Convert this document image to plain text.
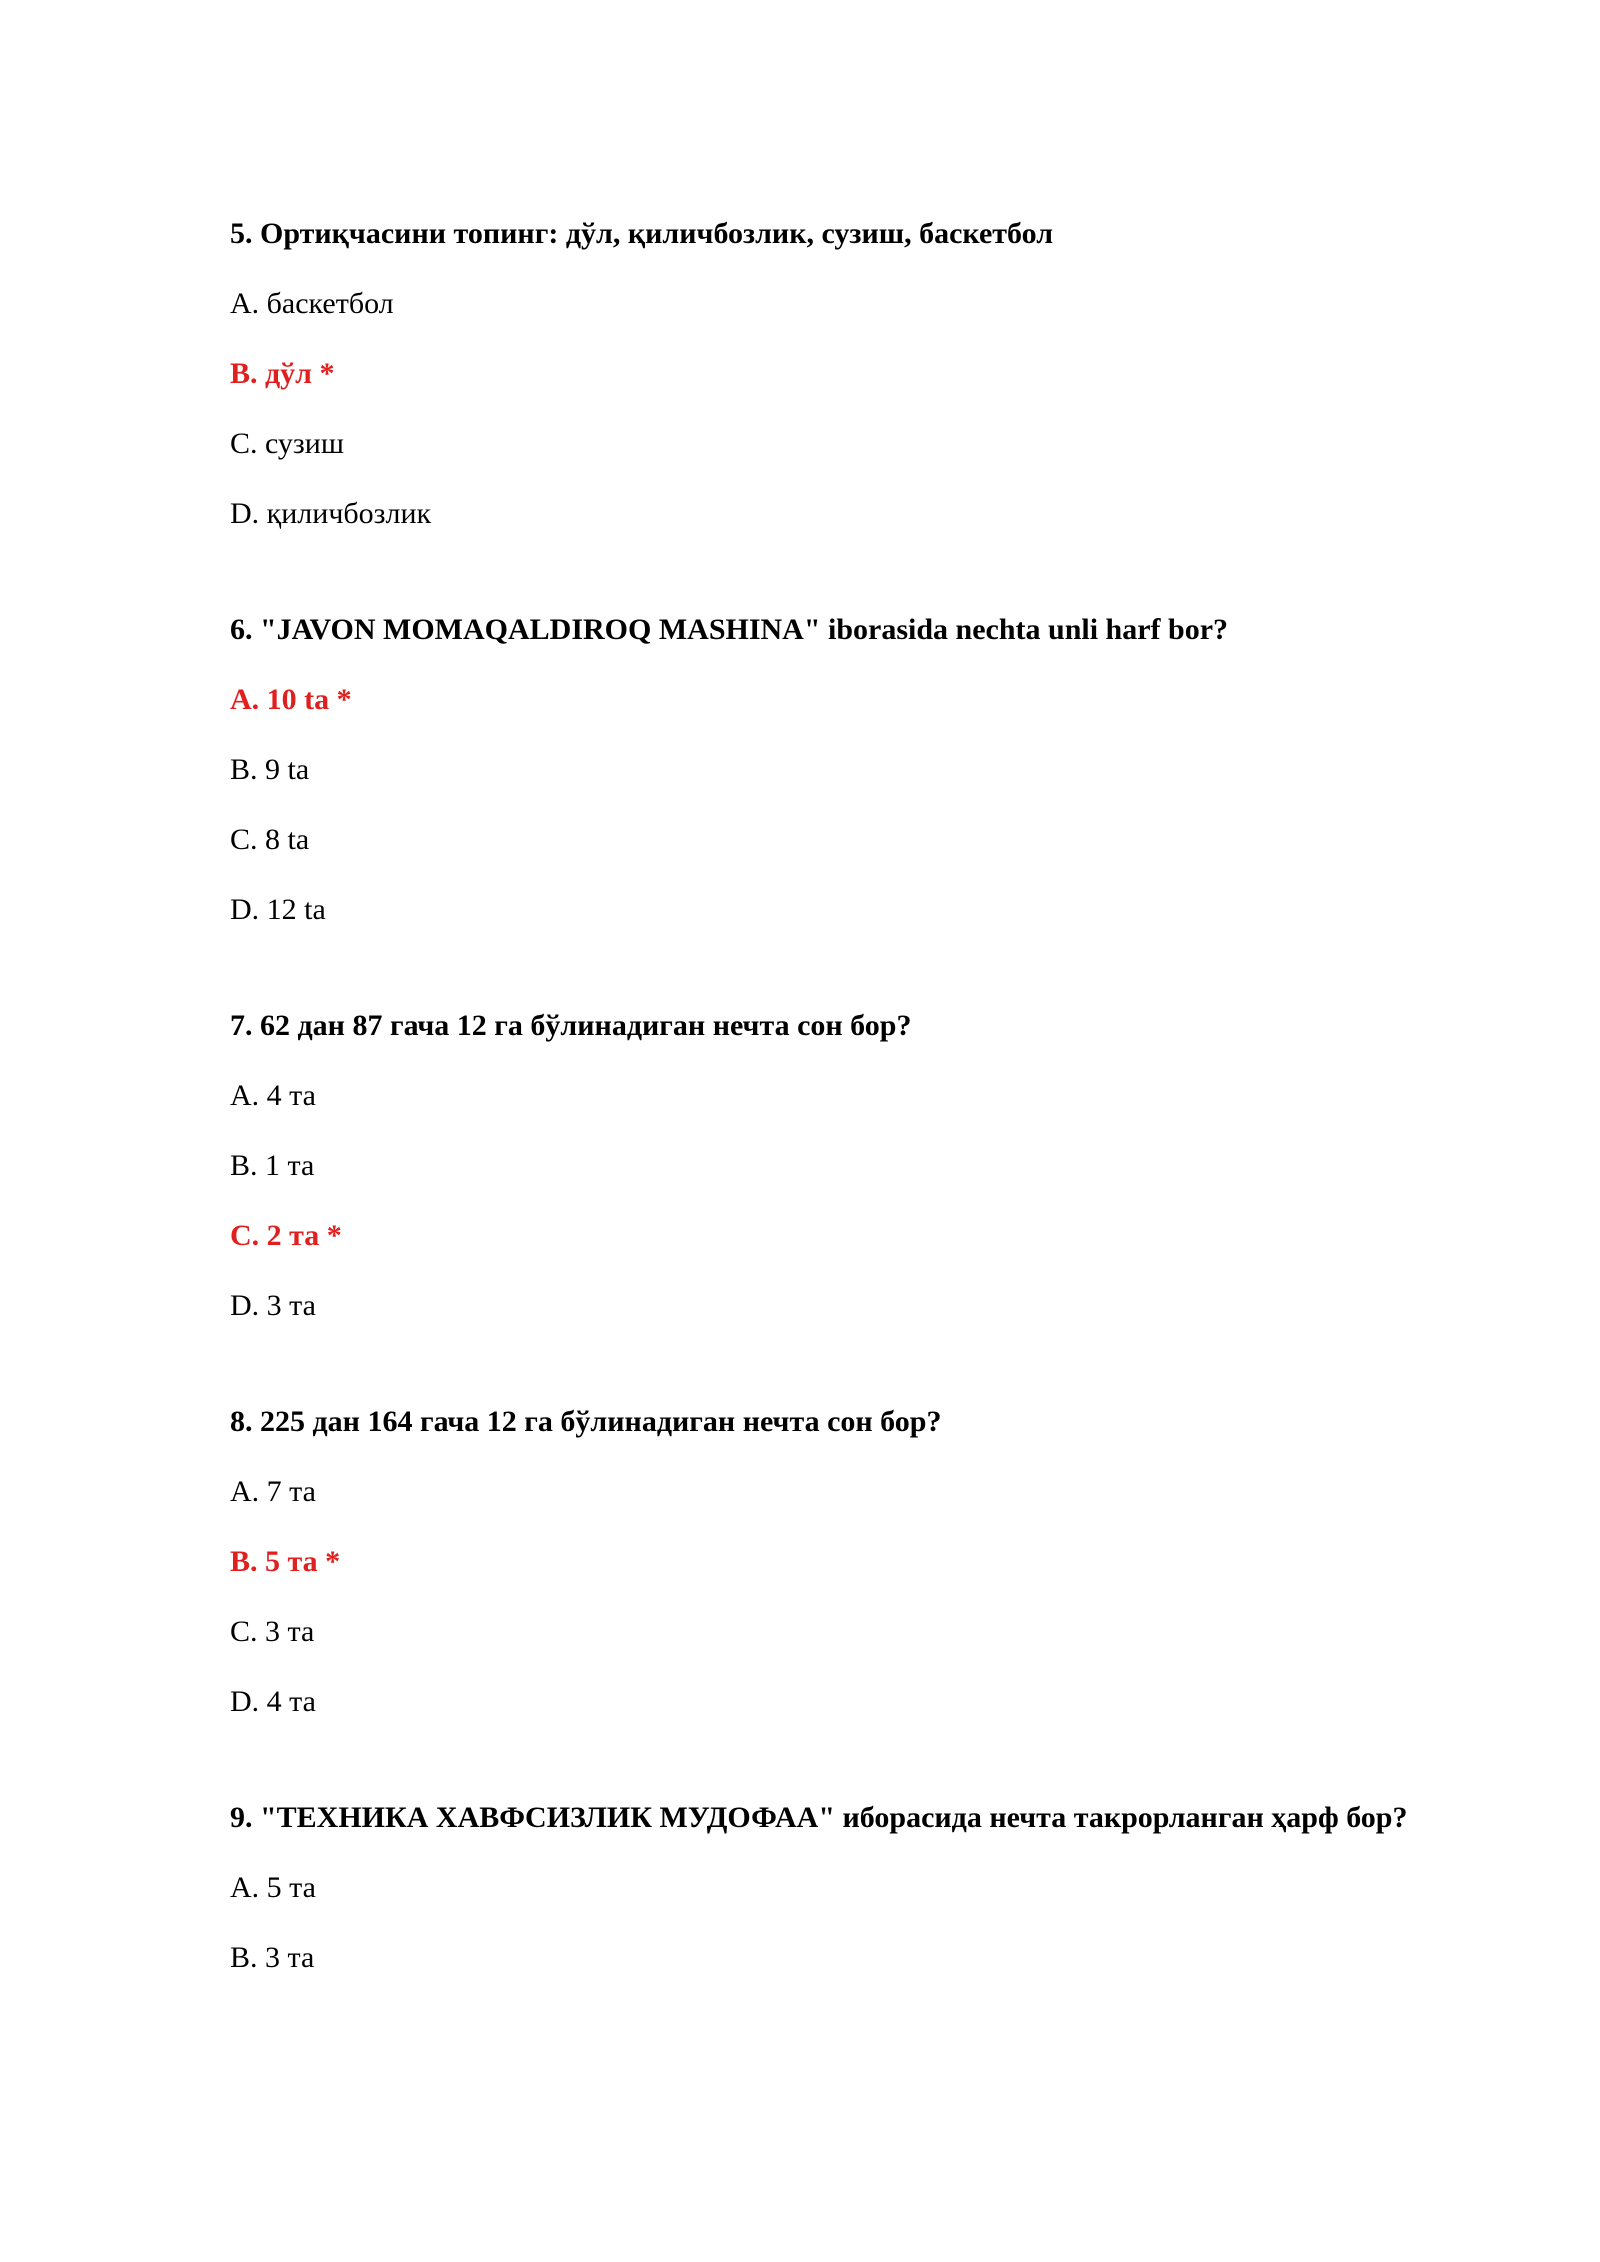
5. Ортиқчасини топинг: дўл, қиличбозлик, сузиш, баскетбол
A. баскетбол
B. дўл *
C. сузиш
D. қиличбозлик
6. "JAVON MOMAQALDIROQ MASHINA" iborasida nechta unli harf bor?
A. 10 ta *
B. 9 ta
C. 8 ta
D. 12 ta
7. 62 дан 87 гача 12 га бўлинадиган нечта сон бор?
A. 4 та
B. 1 та
C. 2 та *
D. 3 та
8. 225 дан 164 гача 12 га бўлинадиган нечта сон бор?
A. 7 та
B. 5 та *
C. 3 та
D. 4 та
9. "ТЕХНИКА ХАВФСИЗЛИК МУДОФАА" иборасида нечта такрорланган ҳарф бор?
A. 5 та
B. 3 та
